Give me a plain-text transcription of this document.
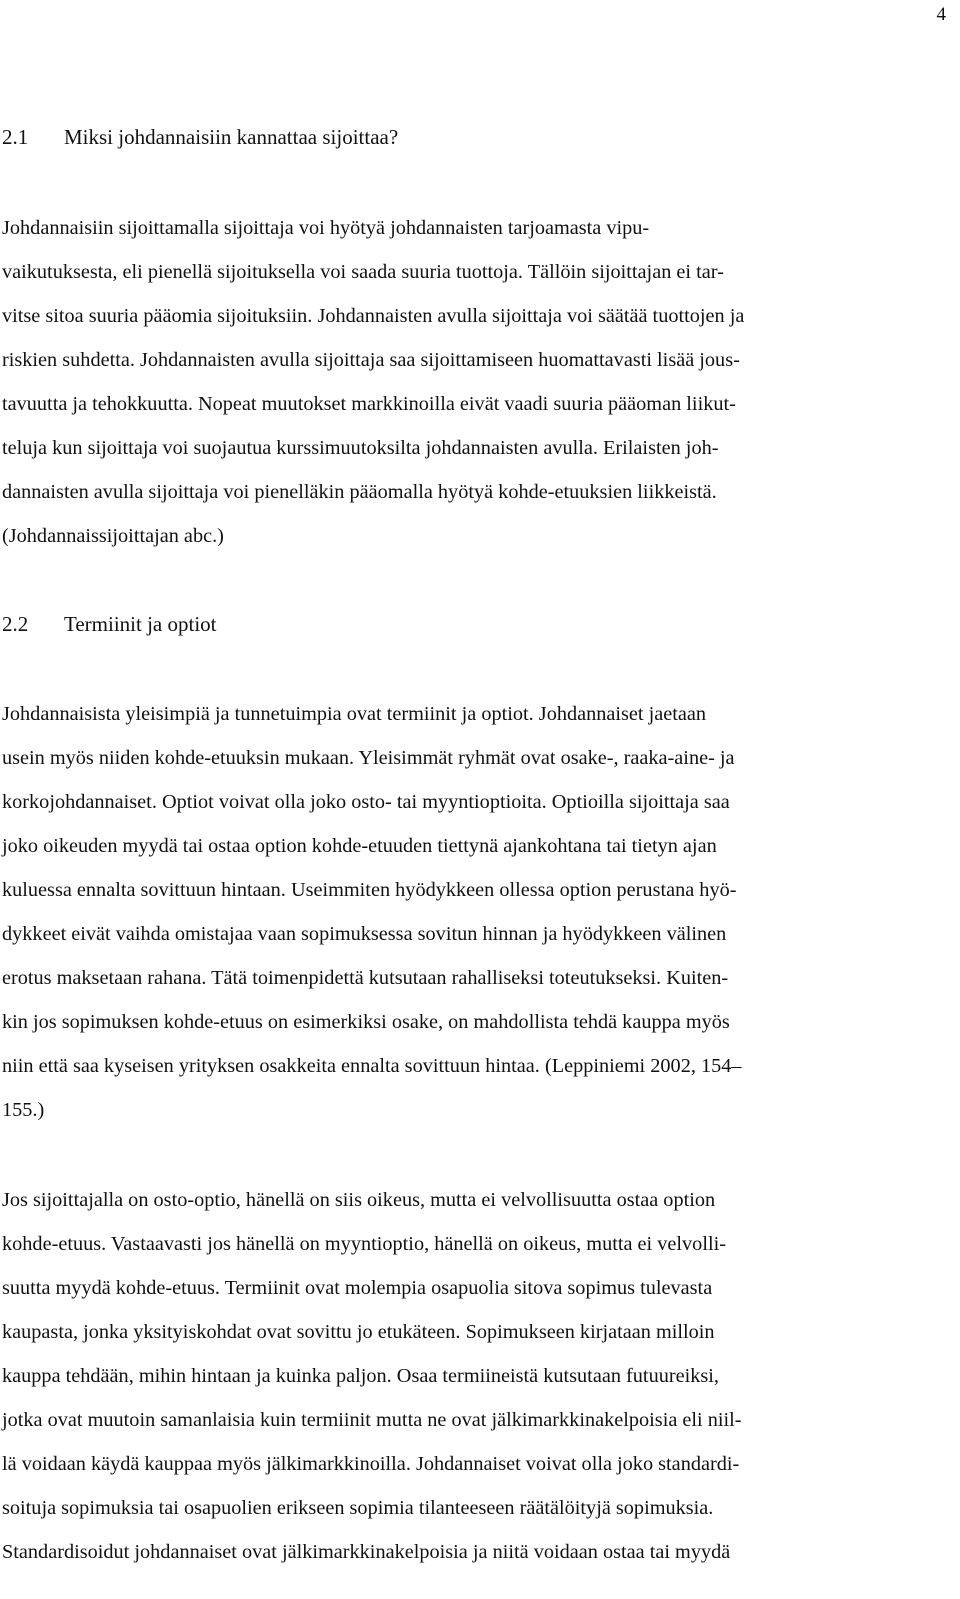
4
2.1 Miksi johdannaisiin kannattaa sijoittaa?
Johdannaisiin sijoittamalla sijoittaja voi hyötyä johdannaisten tarjoamasta vipu-
vaikutuksesta, eli pienellä sijoituksella voi saada suuria tuottoja. Tällöin sijoittajan ei tar-
vitse sitoa suuria pääomia sijoituksiin. Johdannaisten avulla sijoittaja voi säätää tuottojen ja
riskien suhdetta. Johdannaisten avulla sijoittaja saa sijoittamiseen huomattavasti lisää jous-
tavuutta ja tehokkuutta. Nopeat muutokset markkinoilla eivät vaadi suuria pääoman liikut-
teluja kun sijoittaja voi suojautua kurssimuutoksilta johdannaisten avulla. Erilaisten joh-
dannaisten avulla sijoittaja voi pienelläkin pääomalla hyötyä kohde-etuuksien liikkeistä.
(Johdannaissijoittajan abc.)
2.2 Termiinit ja optiot
Johdannaisista yleisimpiä ja tunnetuimpia ovat termiinit ja optiot. Johdannaiset jaetaan
usein myös niiden kohde-etuuksin mukaan. Yleisimmät ryhmät ovat osake-, raaka-aine- ja
korkojohdannaiset. Optiot voivat olla joko osto- tai myyntioptioita. Optioilla sijoittaja saa
joko oikeuden myydä tai ostaa option kohde-etuuden tiettynä ajankohtana tai tietyn ajan
kuluessa ennalta sovittuun hintaan. Useimmiten hyödykkeen ollessa option perustana hyö-
dykkeet eivät vaihda omistajaa vaan sopimuksessa sovitun hinnan ja hyödykkeen välinen
erotus maksetaan rahana. Tätä toimenpidettä kutsutaan rahalliseksi toteutukseksi. Kuiten-
kin jos sopimuksen kohde-etuus on esimerkiksi osake, on mahdollista tehdä kauppa myös
niin että saa kyseisen yrityksen osakkeita ennalta sovittuun hintaa. (Leppiniemi 2002, 154–
155.)
Jos sijoittajalla on osto-optio, hänellä on siis oikeus, mutta ei velvollisuutta ostaa option
kohde-etuus. Vastaavasti jos hänellä on myyntioptio, hänellä on oikeus, mutta ei velvolli-
suutta myydä kohde-etuus. Termiinit ovat molempia osapuolia sitova sopimus tulevasta
kaupasta, jonka yksityiskohdat ovat sovittu jo etukäteen. Sopimukseen kirjataan milloin
kauppa tehdään, mihin hintaan ja kuinka paljon. Osaa termiineistä kutsutaan futuureiksi,
jotka ovat muutoin samanlaisia kuin termiinit mutta ne ovat jälkimarkkinakelpoisia eli niil-
lä voidaan käydä kauppaa myös jälkimarkkinoilla. Johdannaiset voivat olla joko standardi-
soituja sopimuksia tai osapuolien erikseen sopimia tilanteeseen räätälöityjä sopimuksia.
Standardisoidut johdannaiset ovat jälkimarkkinakelpoisia ja niitä voidaan ostaa tai myydä
